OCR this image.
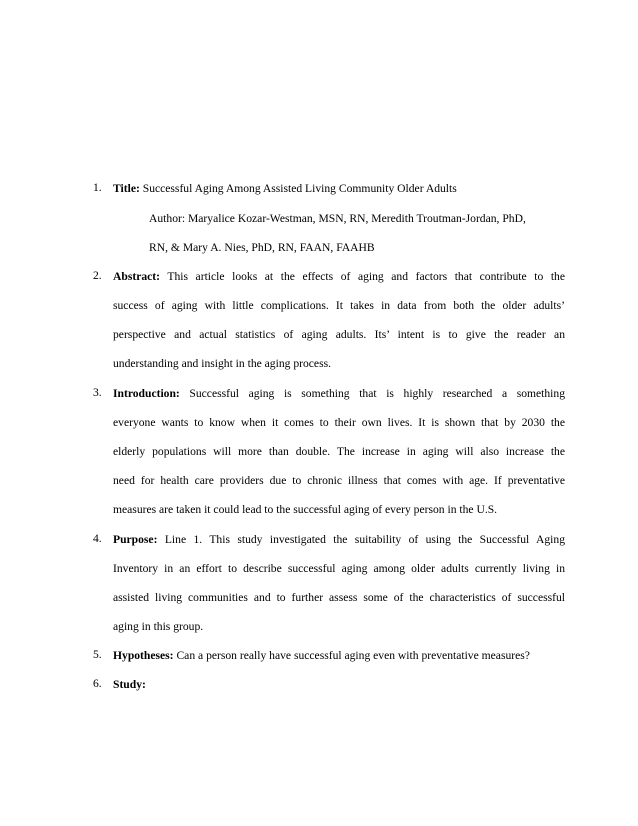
1. Title: Successful Aging Among Assisted Living Community Older Adults
Author: Maryalice Kozar-Westman, MSN, RN, Meredith Troutman-Jordan, PhD,
RN, & Mary A. Nies, PhD, RN, FAAN, FAAHB
2. Abstract: This article looks at the effects of aging and factors that contribute to the
success of aging with little complications. It takes in data from both the older adults’
perspective and actual statistics of aging adults. Its’ intent is to give the reader an
understanding and insight in the aging process.
3. Introduction: Successful aging is something that is highly researched a something
everyone wants to know when it comes to their own lives. It is shown that by 2030 the
elderly populations will more than double. The increase in aging will also increase the
need for health care providers due to chronic illness that comes with age. If preventative
measures are taken it could lead to the successful aging of every person in the U.S.
4. Purpose: Line 1. This study investigated the suitability of using the Successful Aging
Inventory in an effort to describe successful aging among older adults currently living in
assisted living communities and to further assess some of the characteristics of successful
aging in this group.
5. Hypotheses: Can a person really have successful aging even with preventative measures?
6. Study:
